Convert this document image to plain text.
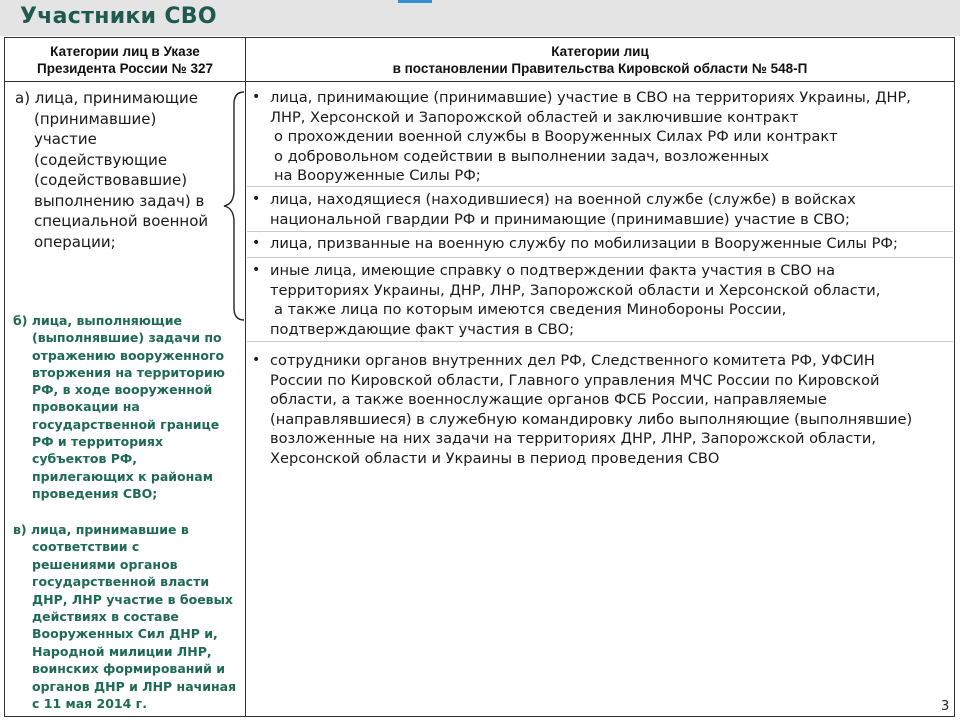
Участники СВО
Категории лиц в Указе
Президента России № 327
Категории лиц
в постановлении Правительства Кировской области № 548-П
а) лица, принимающие
(принимавшие)
участие
(содействующие
(содействовавшие)
выполнению задач) в
специальной военной
операции;
б) лица, выполняющие
(выполнявшие) задачи по
отражению вооруженного
вторжения на территорию
РФ, в ходе вооруженной
провокации на
государственной границе
РФ и территориях
субъектов РФ,
прилегающих к районам
проведения СВО;
в) лица, принимавшие в
соответствии с
решениями органов
государственной власти
ДНР, ЛНР участие в боевых
действиях в составе
Вооруженных Сил ДНР и,
Народной милиции ЛНР,
воинских формирований и
органов ДНР и ЛНР начиная
с 11 мая 2014 г.
• лица, принимающие (принимавшие) участие в СВО на территориях Украины, ДНР,
ЛНР, Херсонской и Запорожской областей и заключившие контракт
о прохождении военной службы в Вооруженных Силах РФ или контракт
о добровольном содействии в выполнении задач, возложенных
на Вооруженные Силы РФ;
• лица, находящиеся (находившиеся) на военной службе (службе) в войсках
национальной гвардии РФ и принимающие (принимавшие) участие в СВО;
• лица, призванные на военную службу по мобилизации в Вооруженные Силы РФ;
• иные лица, имеющие справку о подтверждении факта участия в СВО на
территориях Украины, ДНР, ЛНР, Запорожской области и Херсонской области,
а также лица по которым имеются сведения Минобороны России,
подтверждающие факт участия в СВО;
• сотрудники органов внутренних дел РФ, Следственного комитета РФ, УФСИН
России по Кировской области, Главного управления МЧС России по Кировской
области, а также военнослужащие органов ФСБ России, направляемые
(направлявшиеся) в служебную командировку либо выполняющие (выполнявшие)
возложенные на них задачи на территориях ДНР, ЛНР, Запорожской области,
Херсонской области и Украины в период проведения СВО
3
